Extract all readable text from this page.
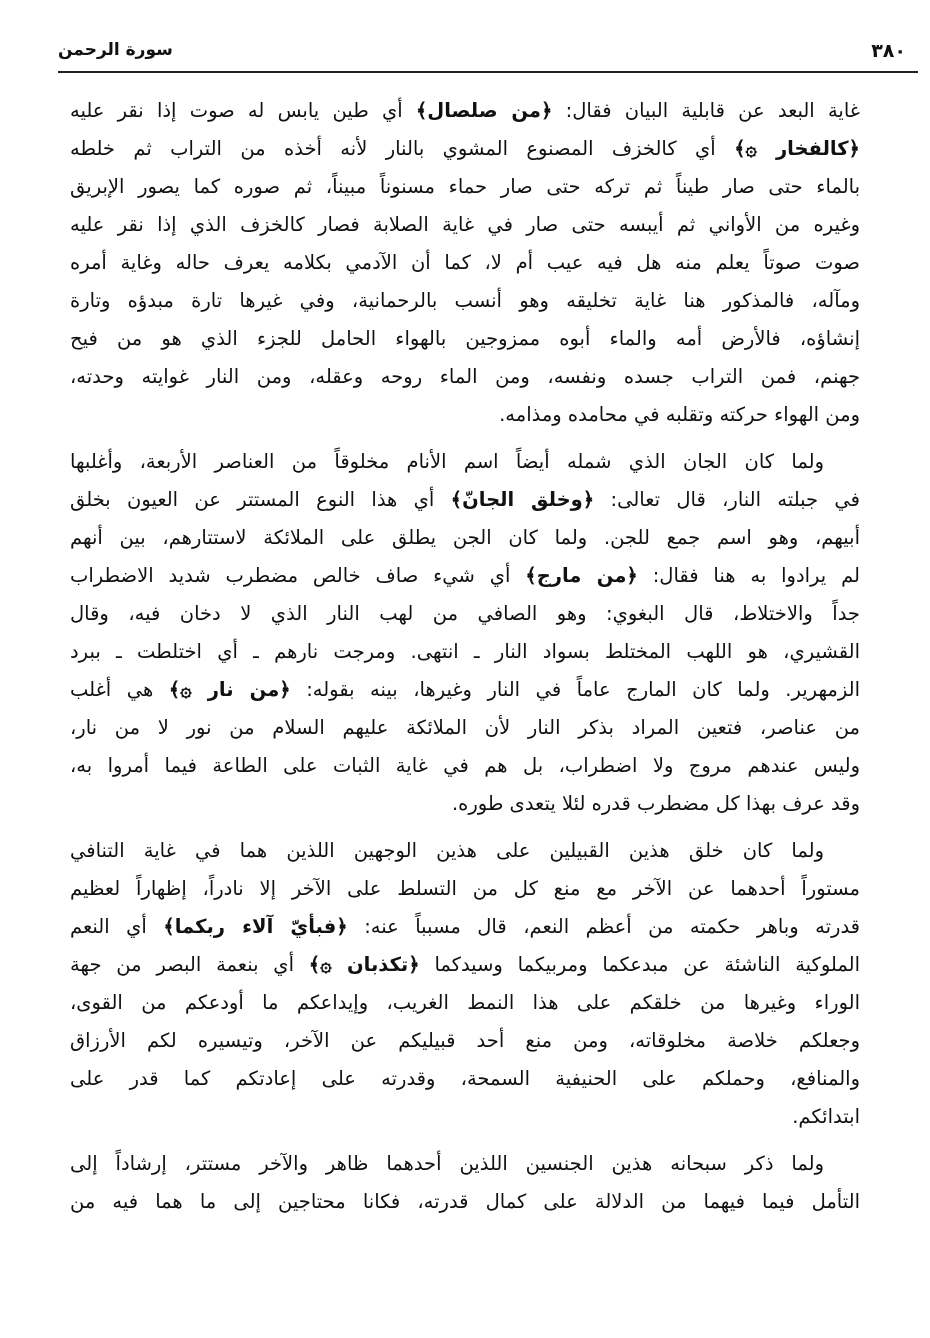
٣٨٠
سورة الرحمن
غاية البعد عن قابلية البيان فقال: ﴿من صلصال﴾ أي طين يابس له صوت إذا نقر عليه
﴿كالفخار ۞﴾ أي كالخزف المصنوع المشوي بالنار لأنه أخذه من التراب ثم خلطه
بالماء حتى صار طيناً ثم تركه حتى صار حماء مسنوناً مبيناً، ثم صوره كما يصور الإبريق
وغيره من الأواني ثم أيبسه حتى صار في غاية الصلابة فصار كالخزف الذي إذا نقر عليه
صوت صوتاً يعلم منه هل فيه عيب أم لا، كما أن الآدمي بكلامه يعرف حاله وغاية أمره
ومآله، فالمذكور هنا غاية تخليقه وهو أنسب بالرحمانية، وفي غيرها تارة مبدؤه وتارة
إنشاؤه، فالأرض أمه والماء أبوه ممزوجين بالهواء الحامل للجزء الذي هو من فيح
جهنم، فمن التراب جسده ونفسه، ومن الماء روحه وعقله، ومن النار غوايته وحدته،
ومن الهواء حركته وتقلبه في محامده ومذامه.
ولما كان الجان الذي شمله أيضاً اسم الأنام مخلوقاً من العناصر الأربعة، وأغلبها
في جبلته النار، قال تعالى: ﴿وخلق الجانّ﴾ أي هذا النوع المستتر عن العيون بخلق
أبيهم، وهو اسم جمع للجن. ولما كان الجن يطلق على الملائكة لاستتارهم، بين أنهم
لم يرادوا به هنا فقال: ﴿من مارج﴾ أي شيء صاف خالص مضطرب شديد الاضطراب
جداً والاختلاط، قال البغوي: وهو الصافي من لهب النار الذي لا دخان فيه، وقال
القشيري، هو اللهب المختلط بسواد النار ـ انتهى. ومرجت نارهم ـ أي اختلطت ـ ببرد
الزمهرير. ولما كان المارج عاماً في النار وغيرها، بينه بقوله: ﴿من نار ۞﴾ هي أغلب
من عناصر، فتعين المراد بذكر النار لأن الملائكة عليهم السلام من نور لا من نار،
وليس عندهم مروج ولا اضطراب، بل هم في غاية الثبات على الطاعة فيما أمروا به،
وقد عرف بهذا كل مضطرب قدره لئلا يتعدى طوره.
ولما كان خلق هذين القبيلين على هذين الوجهين اللذين هما في غاية التنافي
مستوراً أحدهما عن الآخر مع منع كل من التسلط على الآخر إلا نادراً، إظهاراً لعظيم
قدرته وباهر حكمته من أعظم النعم، قال مسبباً عنه: ﴿فبأيّ آلاء ربكما﴾ أي النعم
الملوكية الناشئة عن مبدعكما ومربيكما وسيدكما ﴿تكذبان ۞﴾ أي بنعمة البصر من جهة
الوراء وغيرها من خلقكم على هذا النمط الغريب، وإيداعكم ما أودعكم من القوى،
وجعلكم خلاصة مخلوقاته، ومن منع أحد قبيليكم عن الآخر، وتيسيره لكم الأرزاق
والمنافع، وحملكم على الحنيفية السمحة، وقدرته على إعادتكم كما قدر على
ابتدائكم.
ولما ذكر سبحانه هذين الجنسين اللذين أحدهما ظاهر والآخر مستتر، إرشاداً إلى
التأمل فيما فيهما من الدلالة على كمال قدرته، فكانا محتاجين إلى ما هما فيه من
